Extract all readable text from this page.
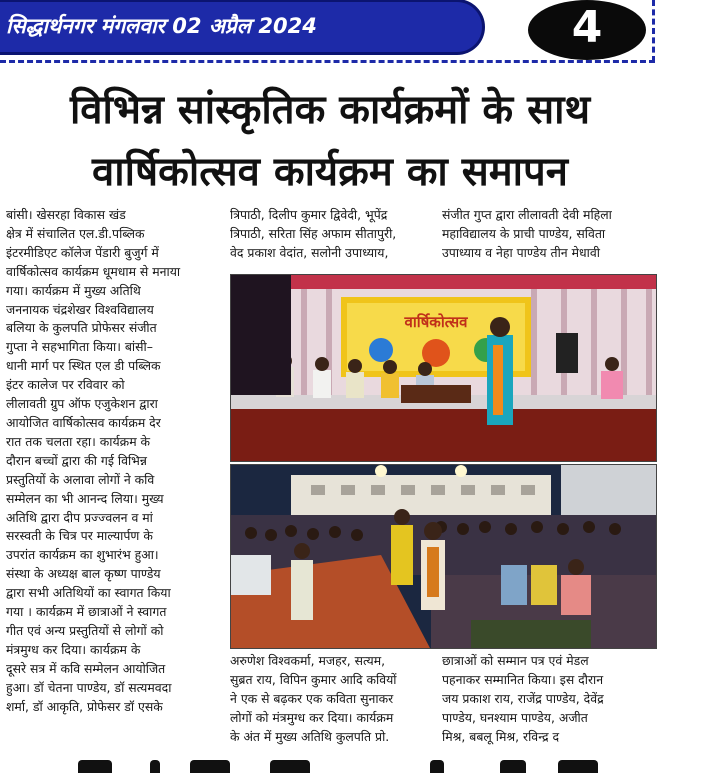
सिद्धार्थनगर मंगलवार 02 अप्रैल 2024	4
विभिन्न सांस्कृतिक कार्यक्रमों के साथ
वार्षिकोत्सव कार्यक्रम का समापन

बांसी। खेसरहा विकास खंड

क्षेत्र में संचालित एल.डी.पब्लिक

इंटरमीडिएट कॉलेज पेंडारी बुजुर्ग में

वार्षिकोत्सव कार्यक्रम धूमधाम से मनाया

गया। कार्यक्रम में मुख्य अतिथि

जननायक चंद्रशेखर विश्वविद्यालय

बलिया के कुलपति प्रोफेसर संजीत

गुप्ता ने सहभागिता किया। बांसी–

धानी मार्ग पर स्थित एल डी पब्लिक

इंटर कालेज पर रविवार को

लीलावती ग्रुप ऑफ एजुकेशन द्वारा

आयोजित वार्षिकोत्सव कार्यक्रम देर

रात तक चलता रहा। कार्यक्रम के

दौरान बच्चों द्वारा की गई विभिन्न

प्रस्तुतियों के अलावा लोगों ने कवि

सम्मेलन का भी आनन्द लिया। मुख्य

अतिथि द्वारा दीप प्रज्ज्वलन व मां

सरस्वती के चित्र पर माल्यार्पण के

उपरांत कार्यक्रम का शुभारंभ हुआ।

संस्था के अध्यक्ष बाल कृष्ण पाण्डेय

द्वारा सभी अतिथियों का स्वागत किया

गया । कार्यक्रम में छात्राओं ने स्वागत

गीत एवं अन्य प्रस्तुतियों से लोगों को

मंत्रमुग्ध कर दिया। कार्यक्रम के

दूसरे सत्र में कवि सम्मेलन आयोजित

हुआ। डॉ चेतना पाण्डेय, डॉ सत्यमवदा

शर्मा, डॉ आकृति, प्रोफेसर डॉ एसके

त्रिपाठी, दिलीप कुमार द्विवेदी, भूपेंद्र

त्रिपाठी, सरिता सिंह अफाम सीतापुरी,

वेद प्रकाश वेदांत, सलोनी उपाध्याय,

संजीत गुप्त द्वारा लीलावती देवी महिला

महाविद्यालय के प्राची पाण्डेय, सविता

उपाध्याय व नेहा पाण्डेय तीन मेधावी

वार्षिकोत्सव

अरुणेश विश्वकर्मा, मजहर, सत्यम,

सुब्रत राय, विपिन कुमार आदि कवियों

ने एक से बढ़कर एक कविता सुनाकर

लोगों को मंत्रमुग्ध कर दिया। कार्यक्रम

के अंत में मुख्य अतिथि कुलपति प्रो.

छात्राओं को सम्मान पत्र एवं मेडल

पहनाकर सम्मानित किया। इस दौरान

जय प्रकाश राय, राजेंद्र पाण्डेय, देवेंद्र

पाण्डेय, घनश्याम पाण्डेय, अजीत

मिश्र, बबलू मिश्र, रविन्द्र द
